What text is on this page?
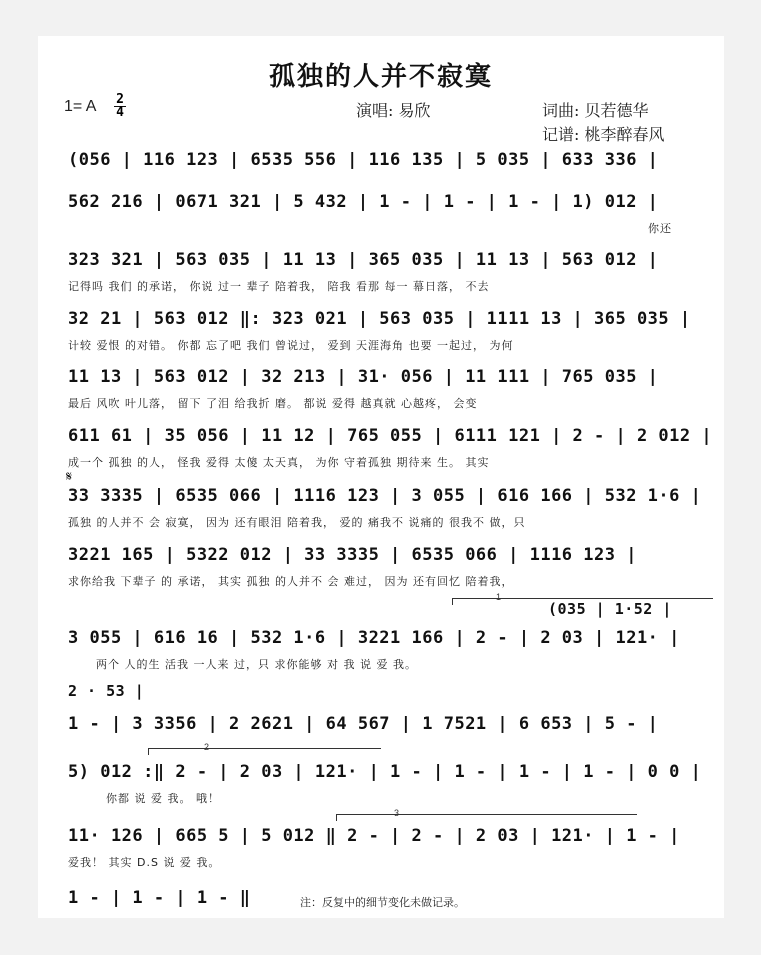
孤独的人并不寂寞
1= A $\frac{2}{4}$	演唱: 易欣	词曲: 贝若德华
记谱: 桃李醉春风
(056 | 116 123 | 6535 556 | 116 135 | 5 035 | 633 336 |
562 216 | 0671 321 | 5 432 | 1 - | 1 - | 1 - | 1) 012 |
你还
323 321 | 563 035 | 11 13 | 365 035 | 11 13 | 563 012 |
记得吗 我们 的承诺， 你说 过一 辈子 陪着我， 陪我 看那 每一 幕日落， 不去
32 21 | 563 012 ‖: 323 021 | 563 035 | 1111 13 | 365 035 |
计较 爱恨 的对错。 你都 忘了吧 我们 曾说过， 爱到 天涯海角 也要 一起过， 为何
11 13 | 563 012 | 32 213 | 31· 056 | 11 111 | 765 035 |
最后 风吹 叶儿落， 留下 了泪 给我折 磨。 都说 爱得 越真就 心越疼， 会变
611 61 | 35 056 | 11 12 | 765 055 | 6111 121 | 2 - | 2 012 |
成一个 孤独 的人， 怪我 爱得 太傻 太天真， 为你 守着孤独 期待来 生。 其实
𝄋
33 3335 | 6535 066 | 1116 123 | 3 055 | 616 166 | 532 1·6 |
孤独 的人并不 会 寂寞， 因为 还有眼泪 陪着我， 爱的 痛我不 说痛的 很我不 做，只
3221 165 | 5322 012 | 33 3335 | 6535 066 | 1116 123 |
求你给我 下辈子 的 承诺， 其实 孤独 的人并不 会 难过， 因为 还有回忆 陪着我，
1
(035 | 1·52 |
3 055 | 616 16 | 532 1·6 | 3221 166 | 2 - | 2 03 | 121· |
两个 人的生 活我 一人来 过，只 求你能够 对 我 说 爱 我。
2 · 53 |
1 - | 3 3356 | 2 2621 | 64 567 | 1 7521 | 6 653 | 5 - |
2
5) 012 :‖ 2 - | 2 03 | 121· | 1 - | 1 - | 1 - | 1 - | 0 0 |
你都 说 爱 我。 哦！
3
11· 126 | 665 5 | 5 012 ‖ 2 - | 2 - | 2 03 | 121· | 1 - |
爱我！ 其实 D.S 说 爱 我。
1 - | 1 - | 1 - ‖	注：反复中的细节变化未做记录。
